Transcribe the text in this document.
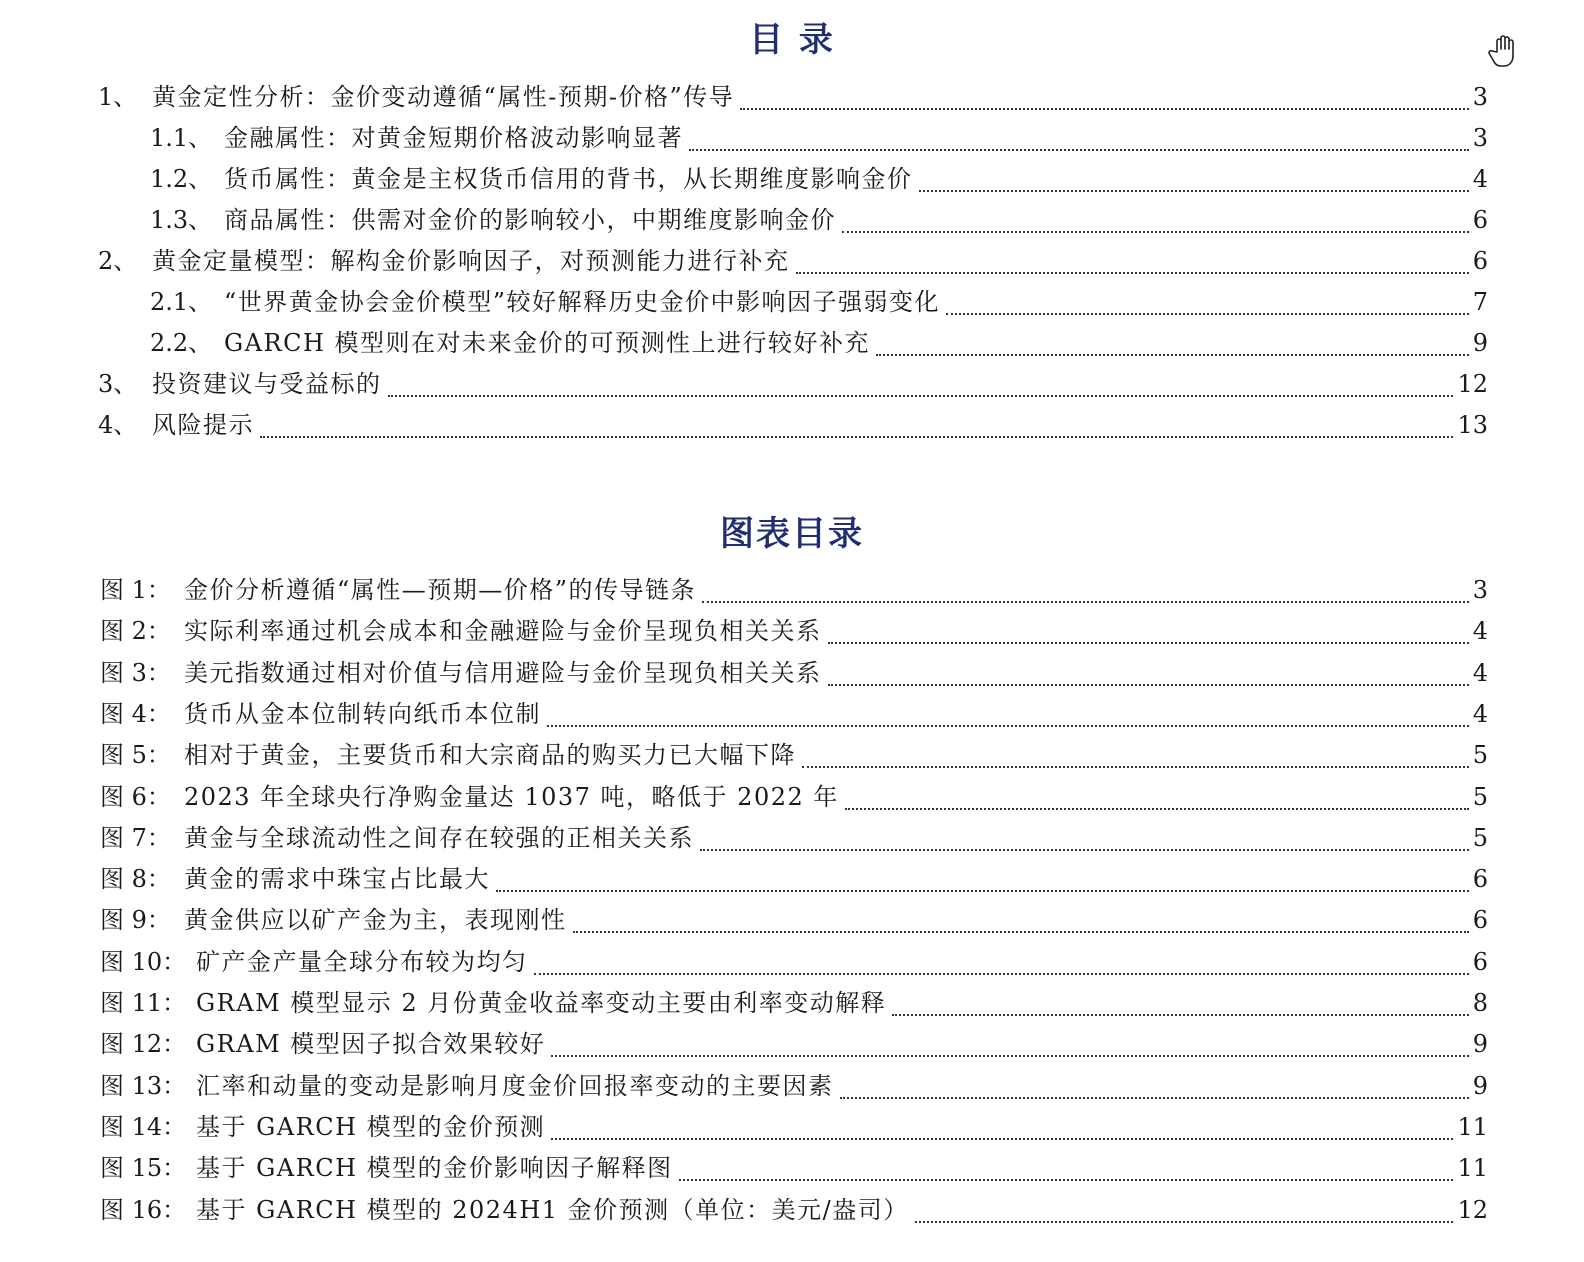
目 录
1、 黄金定性分析：金价变动遵循“属性-预期-价格”传导	3
1.1、 金融属性：对黄金短期价格波动影响显著	3
1.2、 货币属性：黄金是主权货币信用的背书，从长期维度影响金价	4
1.3、 商品属性：供需对金价的影响较小，中期维度影响金价	6
2、 黄金定量模型：解构金价影响因子，对预测能力进行补充	6
2.1、 “世界黄金协会金价模型”较好解释历史金价中影响因子强弱变化	7
2.2、 GARCH 模型则在对未来金价的可预测性上进行较好补充	9
3、 投资建议与受益标的	12
4、 风险提示	13
图表目录
图 1： 金价分析遵循“属性—预期—价格”的传导链条	3
图 2： 实际利率通过机会成本和金融避险与金价呈现负相关关系	4
图 3： 美元指数通过相对价值与信用避险与金价呈现负相关关系	4
图 4： 货币从金本位制转向纸币本位制	4
图 5： 相对于黄金，主要货币和大宗商品的购买力已大幅下降	5
图 6： 2023 年全球央行净购金量达 1037 吨，略低于 2022 年	5
图 7： 黄金与全球流动性之间存在较强的正相关关系	5
图 8： 黄金的需求中珠宝占比最大	6
图 9： 黄金供应以矿产金为主，表现刚性	6
图 10： 矿产金产量全球分布较为均匀	6
图 11： GRAM 模型显示 2 月份黄金收益率变动主要由利率变动解释	8
图 12： GRAM 模型因子拟合效果较好	9
图 13： 汇率和动量的变动是影响月度金价回报率变动的主要因素	9
图 14： 基于 GARCH 模型的金价预测	11
图 15： 基于 GARCH 模型的金价影响因子解释图	11
图 16： 基于 GARCH 模型的 2024H1 金价预测（单位：美元/盎司）	12
